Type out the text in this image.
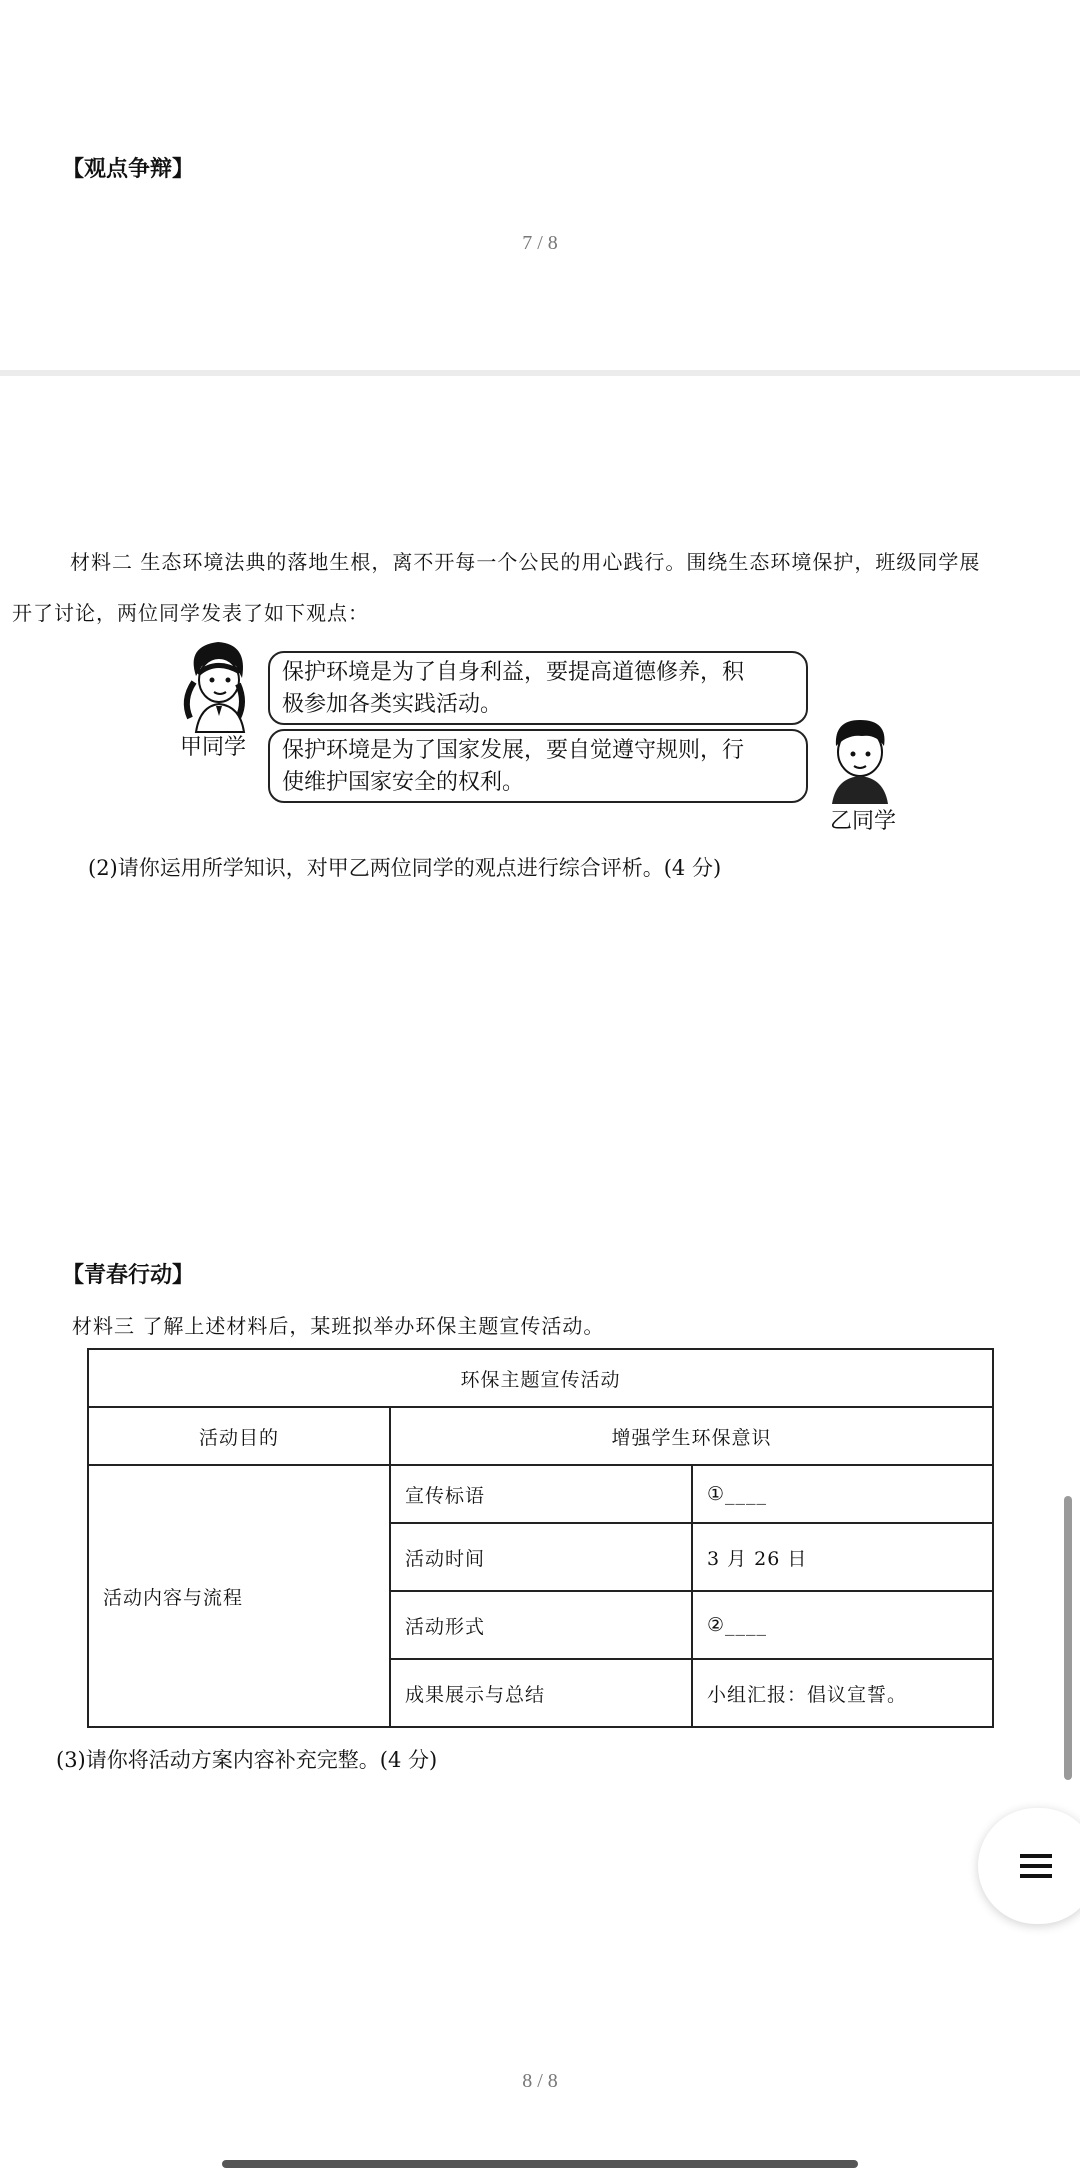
【观点争辩】
7 / 8
材料二 生态环境法典的落地生根，离不开每一个公民的用心践行。围绕生态环境保护，班级同学展
开了讨论，两位同学发表了如下观点：
甲同学
保护环境是为了自身利益，要提高道德修养，积
极参加各类实践活动。
保护环境是为了国家发展，要自觉遵守规则，行
使维护国家安全的权利。
乙同学
(2)请你运用所学知识，对甲乙两位同学的观点进行综合评析。(4 分)
【青春行动】
材料三 了解上述材料后，某班拟举办环保主题宣传活动。
环保主题宣传活动		
活动目的	增强学生环保意识	
活动内容与流程	宣传标语	①____
	活动时间	3 月 26 日
	活动形式	②____
	成果展示与总结	小组汇报：倡议宣誓。
(3)请你将活动方案内容补充完整。(4 分)
8 / 8
